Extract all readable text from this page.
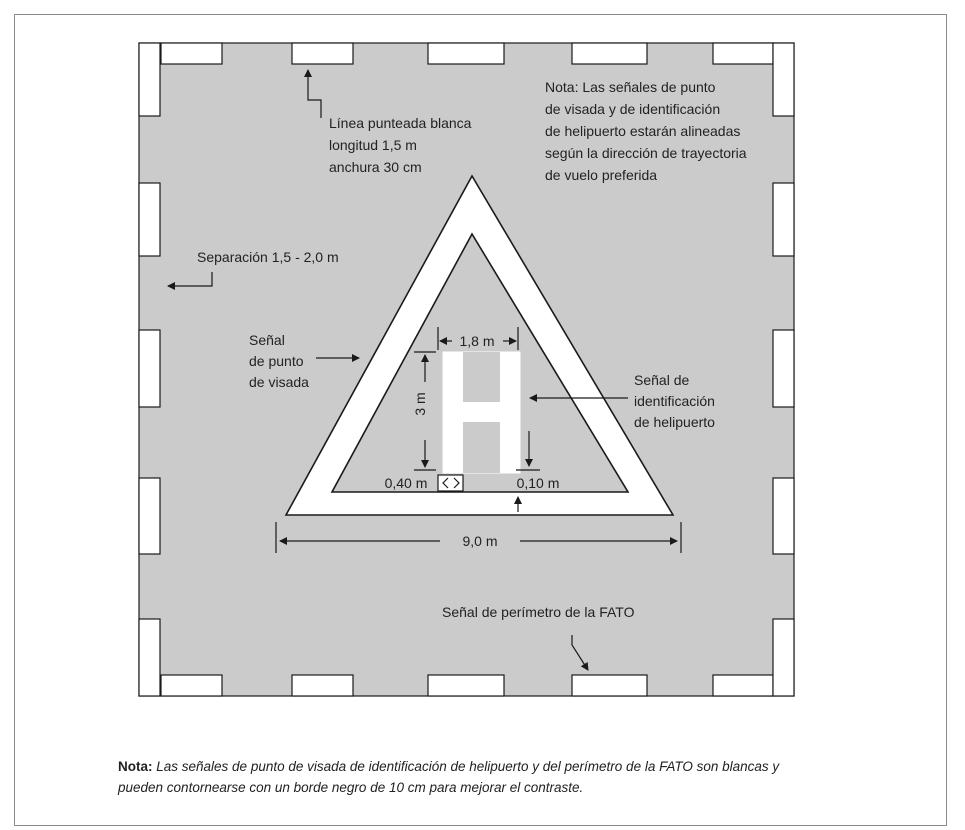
1,8 m
3 m
0,40 m	0,10 m
9,0 m
Línea punteada blanca
longitud 1,5 m
anchura 30 cm
Nota: Las señales de punto
de visada y de identificación
de helipuerto estarán alineadas
según la dirección de trayectoria
de vuelo preferida
Separación 1,5 - 2,0 m
Señal
de punto
de visada	Señal de
identificación
de helipuerto
Señal de perímetro de la FATO
Nota: Las señales de punto de visada de identificación de helipuerto y del perímetro de la FATO son blancas y pueden contornearse con un borde negro de 10 cm para mejorar el contraste.
